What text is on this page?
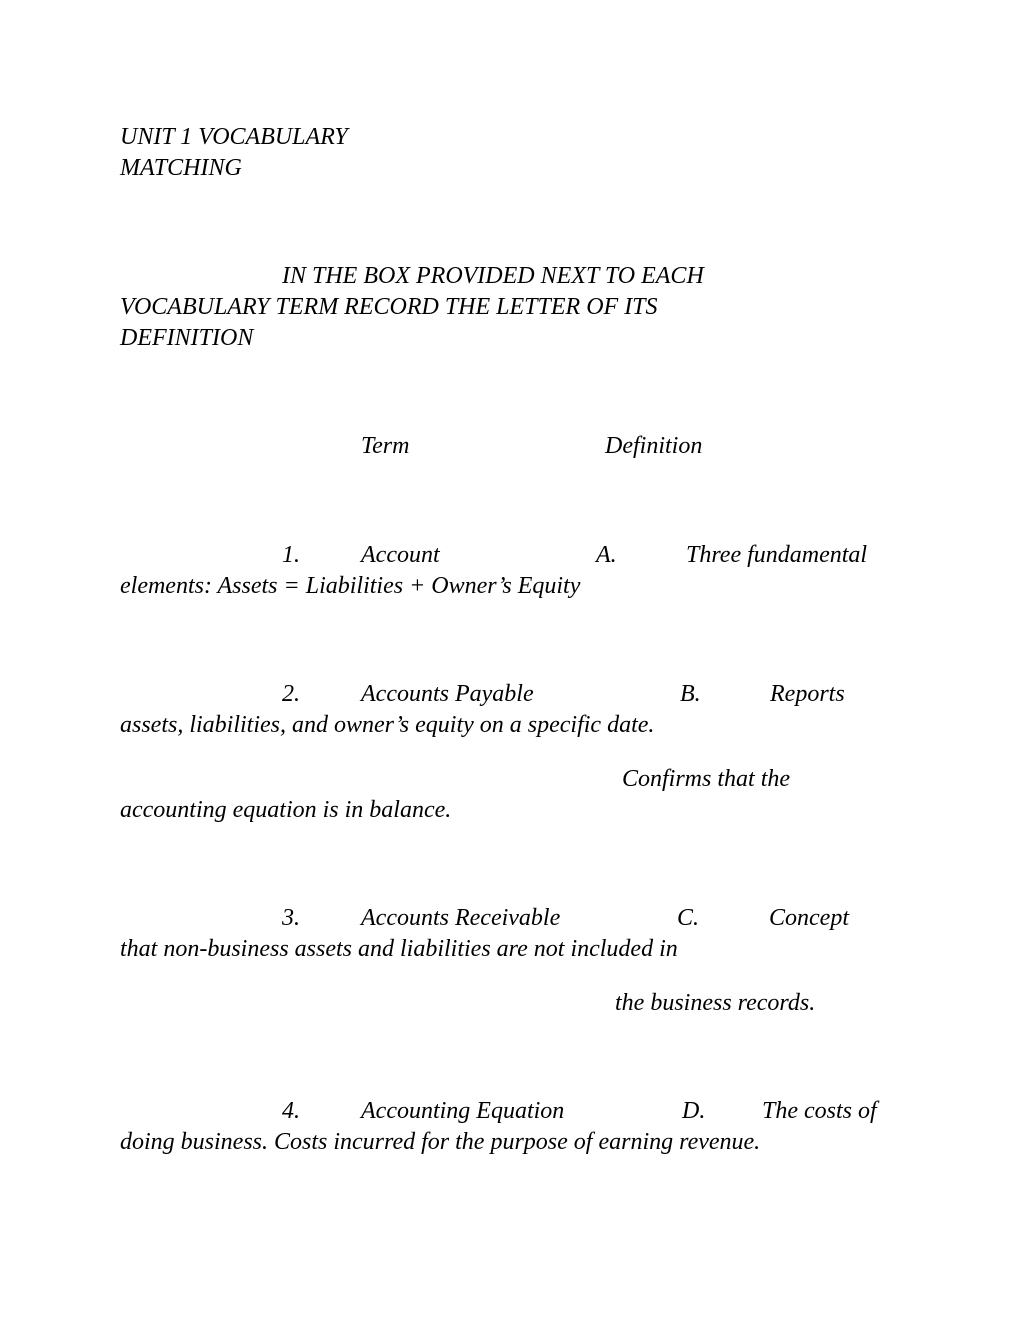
UNIT 1 VOCABULARY
MATCHING
IN THE BOX PROVIDED NEXT TO EACH
VOCABULARY TERM RECORD THE LETTER OF ITS
DEFINITION
Term	Definition
1.	Account	A.	Three fundamental
elements: Assets = Liabilities + Owner’s Equity
2.	Accounts Payable	B.	Reports
assets, liabilities, and owner’s equity on a specific date.
Confirms that the
accounting equation is in balance.
3.	Accounts Receivable	C.	Concept
that non-business assets and liabilities are not included in
the business records.
4.	Accounting Equation	D. The costs of
doing business. Costs incurred for the purpose of earning revenue.
